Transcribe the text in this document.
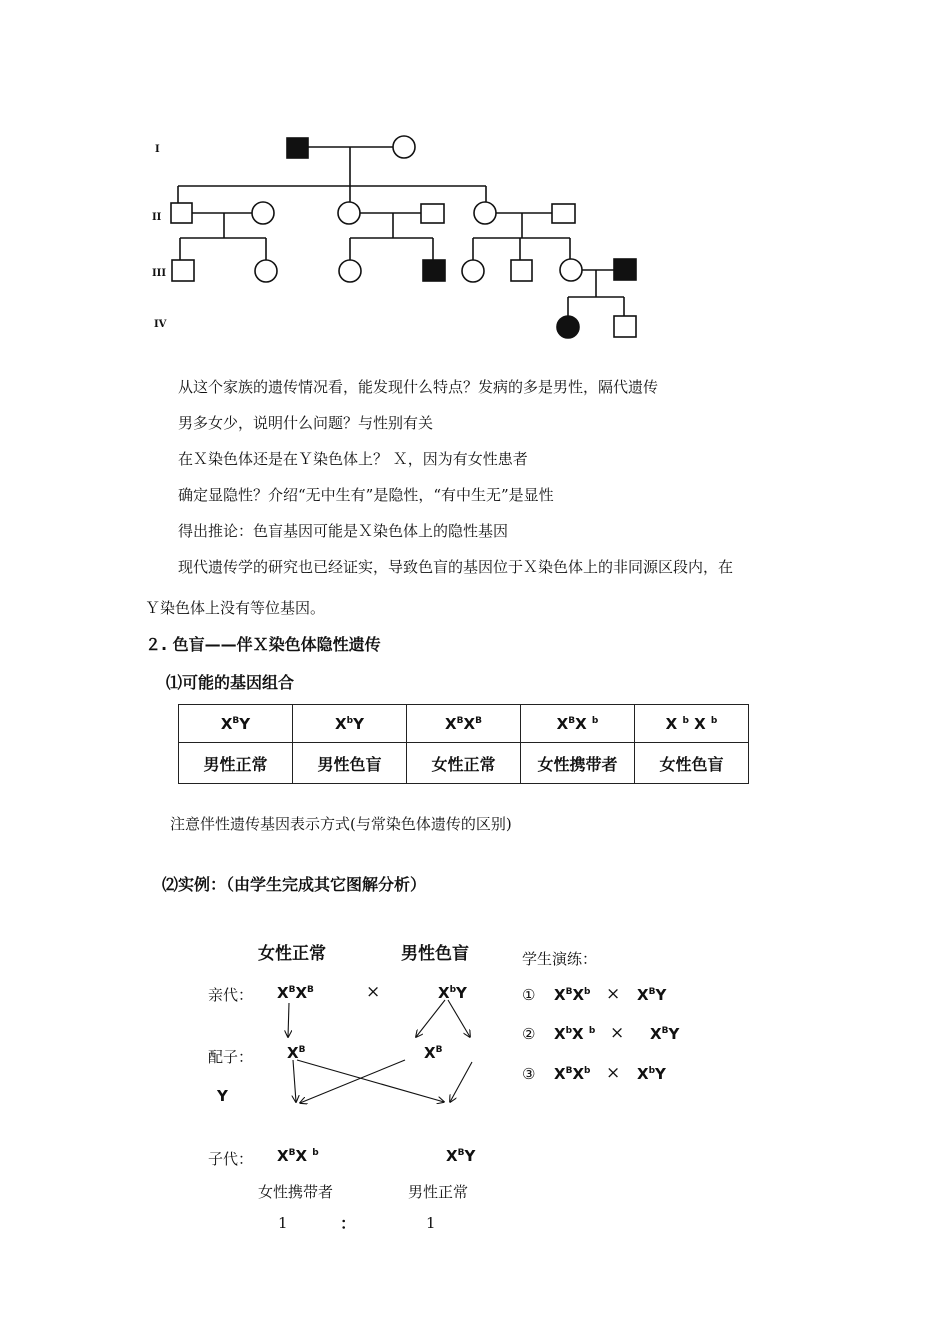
I
II
III
IV
从这个家族的遗传情况看，能发现什么特点？发病的多是男性，隔代遗传
男多女少，说明什么问题？与性别有关
在Ｘ染色体还是在Ｙ染色体上？ Ｘ，因为有女性患者
确定显隐性？介绍“无中生有”是隐性，“有中生无”是显性
得出推论：色盲基因可能是Ｘ染色体上的隐性基因
现代遗传学的研究也已经证实，导致色盲的基因位于Ｘ染色体上的非同源区段内，在
Ｙ染色体上没有等位基因。
２. 色盲——伴Ｘ染色体隐性遗传
⑴可能的基因组合
$X^BY$	$X^bY$	$X^BX^B$	$X^BX$ $^b$	X $^b$ X $^b$
男性正常	男性色盲	女性正常	女性携带者	女性色盲
注意伴性遗传基因表示方式(与常染色体遗传的区别)
⑵实例：（由学生完成其它图解分析）
女性正常	男性色盲
亲代： $X^BX^B$	×	$X^bY$
配子： $X^B$	$X^B$
Y
子代： $X^BX$ $^b$	$X^BY$
女性携带者	男性正常
1	：	1
学生演练：
① $X^BX^b \times X^BY$
② $X^bX$ $^b \times X^BY$
③ $X^BX^b \times X^bY$
